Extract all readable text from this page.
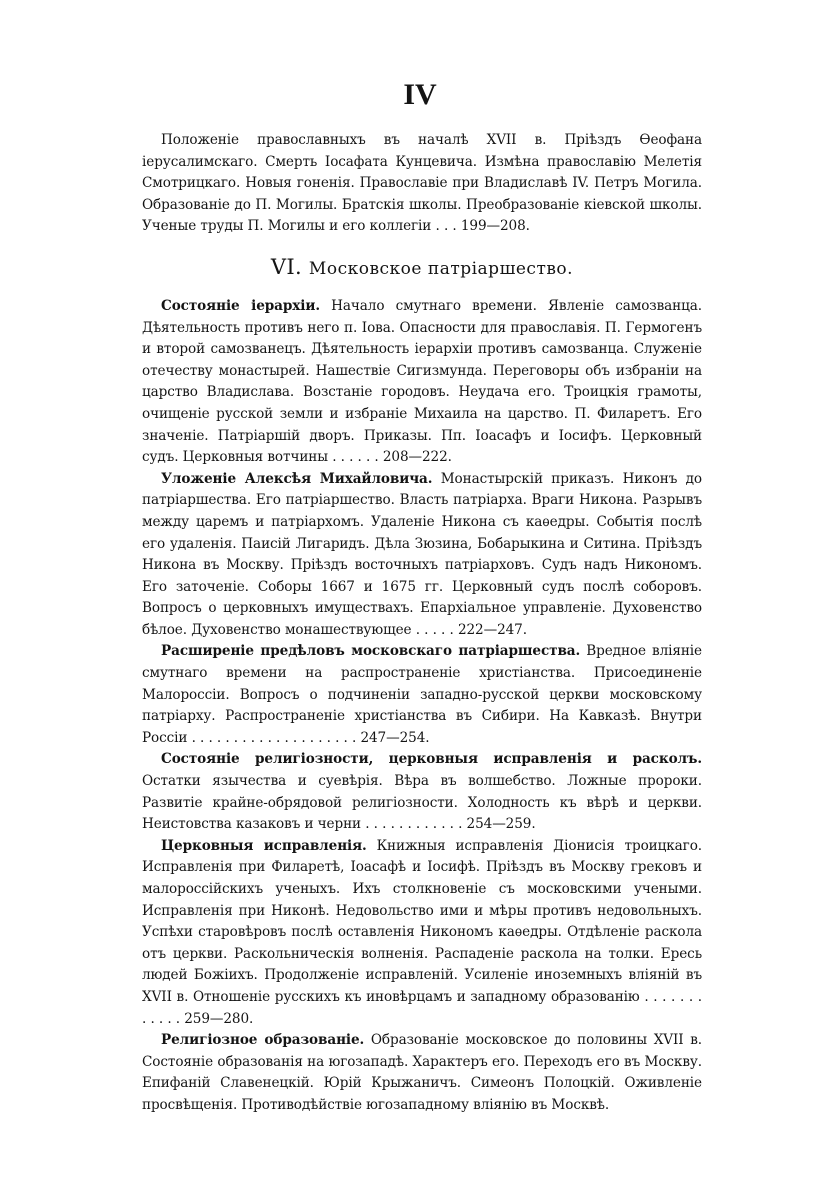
IV

Положеніе православныхъ въ началѣ XVII в. Пріѣздъ Ѳеофана іерусалимскаго. Смерть Іосафата Кунцевича. Измѣна православію Мелетія Смотрицкаго. Новыя гоненія. Православіе при Владиславѣ IV. Петръ Могила. Образованіе до П. Могилы. Братскія школы. Преобразованіе кіевской школы. Ученые труды П. Могилы и его коллегіи . . . 199—208.

VI. Московское патріаршество.

Состояніе іерархіи. Начало смутнаго времени. Явленіе самозванца. Дѣятельность противъ него п. Іова. Опасности для православія. П. Гермогенъ и второй самозванецъ. Дѣятельность іерархіи противъ самозванца. Служеніе отечеству монастырей. Нашествіе Сигизмунда. Переговоры объ избраніи на царство Владислава. Возстаніе городовъ. Неудача его. Троицкія грамоты, очищеніе русской земли и избраніе Михаила на царство. П. Филаретъ. Его значеніе. Патріаршій дворъ. Приказы. Пп. Іоасафъ и Іосифъ. Церковный судъ. Церковныя вотчины . . . . . . 208—222.

Уложеніе Алексѣя Михайловича. Монастырскій приказъ. Никонъ до патріаршества. Его патріаршество. Власть патріарха. Враги Никона. Разрывъ между царемъ и патріархомъ. Удаленіе Никона съ каѳедры. Событія послѣ его удаленія. Паисій Лигаридъ. Дѣла Зюзина, Бобарыкина и Ситина. Пріѣздъ Никона въ Москву. Пріѣздъ восточныхъ патріарховъ. Судъ надъ Никономъ. Его заточеніе. Соборы 1667 и 1675 гг. Церковный судъ послѣ соборовъ. Вопросъ о церковныхъ имуществахъ. Епархіальное управленіе. Духовенство бѣлое. Духовенство монашествующее . . . . . 222—247.

Расширеніе предѣловъ московскаго патріаршества. Вредное вліяніе смутнаго времени на распространеніе христіанства. Присоединеніе Малороссіи. Вопросъ о подчиненіи западно-русской церкви московскому патріарху. Распространеніе христіанства въ Сибири. На Кавказѣ. Внутри Россіи . . . . . . . . . . . . . . . . . . . . 247—254.

Состояніе религіозности, церковныя исправленія и расколъ. Остатки язычества и суевѣрія. Вѣра въ волшебство. Ложные пророки. Развитіе крайне-обрядовой религіозности. Холодность къ вѣрѣ и церкви. Неистовства казаковъ и черни . . . . . . . . . . . . 254—259.

Церковныя исправленія. Книжныя исправленія Діонисія троицкаго. Исправленія при Филаретѣ, Іоасафѣ и Іосифѣ. Пріѣздъ въ Москву грековъ и малороссійскихъ ученыхъ. Ихъ столкновеніе съ московскими учеными. Исправленія при Никонѣ. Недовольство ими и мѣры противъ недовольныхъ. Успѣхи старовѣровъ послѣ оставленія Никономъ каѳедры. Отдѣленіе раскола отъ церкви. Раскольническія волненія. Распаденіе раскола на толки. Ересь людей Божіихъ. Продолженіе исправленій. Усиленіе иноземныхъ вліяній въ XVII в. Отношеніе русскихъ къ иновѣрцамъ и западному образованію . . . . . . . . . . . . 259—280.

Религіозное образованіе. Образованіе московское до половины XVII в. Состояніе образованія на югозападѣ. Характеръ его. Переходъ его въ Москву. Епифаній Славенецкій. Юрій Крыжаничъ. Симеонъ Полоцкій. Оживленіе просвѣщенія. Противодѣйствіе югозападному вліянію въ Москвѣ.
